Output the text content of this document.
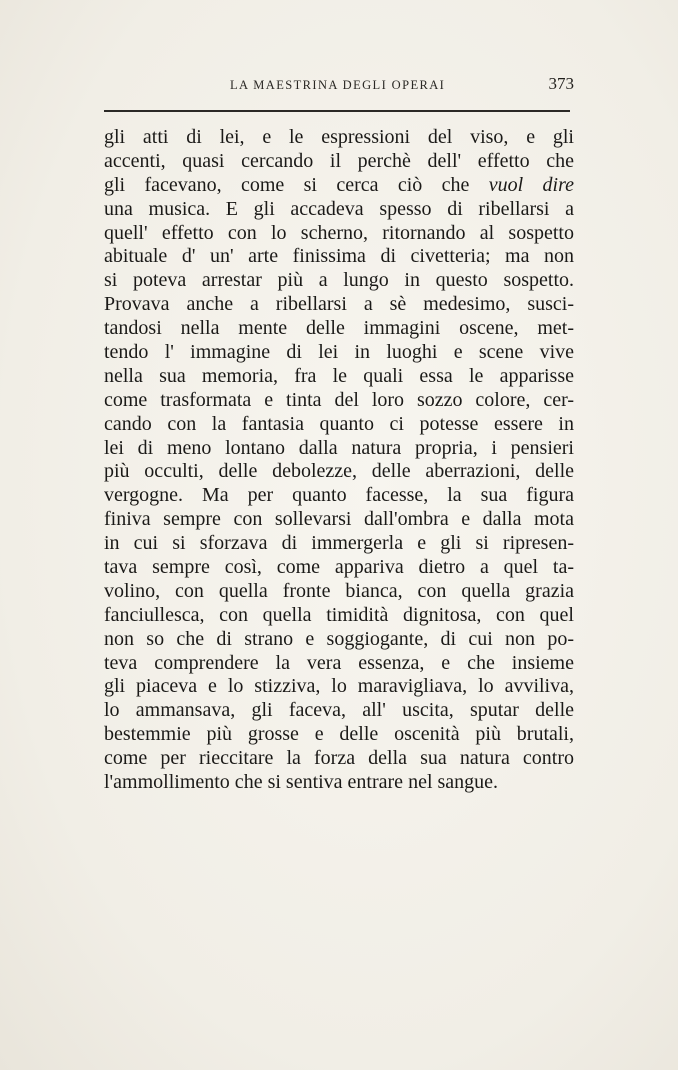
LA MAESTRINA DEGLI OPERAI	373
gli atti di lei, e le espressioni del viso, e gli
accenti, quasi cercando il perchè dell' effetto che
gli facevano, come si cerca ciò che vuol dire
una musica. E gli accadeva spesso di ribellarsi a
quell' effetto con lo scherno, ritornando al sospetto
abituale d' un' arte finissima di civetteria; ma non
si poteva arrestar più a lungo in questo sospetto.
Provava anche a ribellarsi a sè medesimo, susci-
tandosi nella mente delle immagini oscene, met-
tendo l' immagine di lei in luoghi e scene vive
nella sua memoria, fra le quali essa le apparisse
come trasformata e tinta del loro sozzo colore, cer-
cando con la fantasia quanto ci potesse essere in
lei di meno lontano dalla natura propria, i pensieri
più occulti, delle debolezze, delle aberrazioni, delle
vergogne. Ma per quanto facesse, la sua figura
finiva sempre con sollevarsi dall'ombra e dalla mota
in cui si sforzava di immergerla e gli si ripresen-
tava sempre così, come appariva dietro a quel ta-
volino, con quella fronte bianca, con quella grazia
fanciullesca, con quella timidità dignitosa, con quel
non so che di strano e soggiogante, di cui non po-
teva comprendere la vera essenza, e che insieme
gli piaceva e lo stizziva, lo maravigliava, lo avviliva,
lo ammansava, gli faceva, all' uscita, sputar delle
bestemmie più grosse e delle oscenità più brutali,
come per rieccitare la forza della sua natura contro
l'ammollimento che si sentiva entrare nel sangue.
